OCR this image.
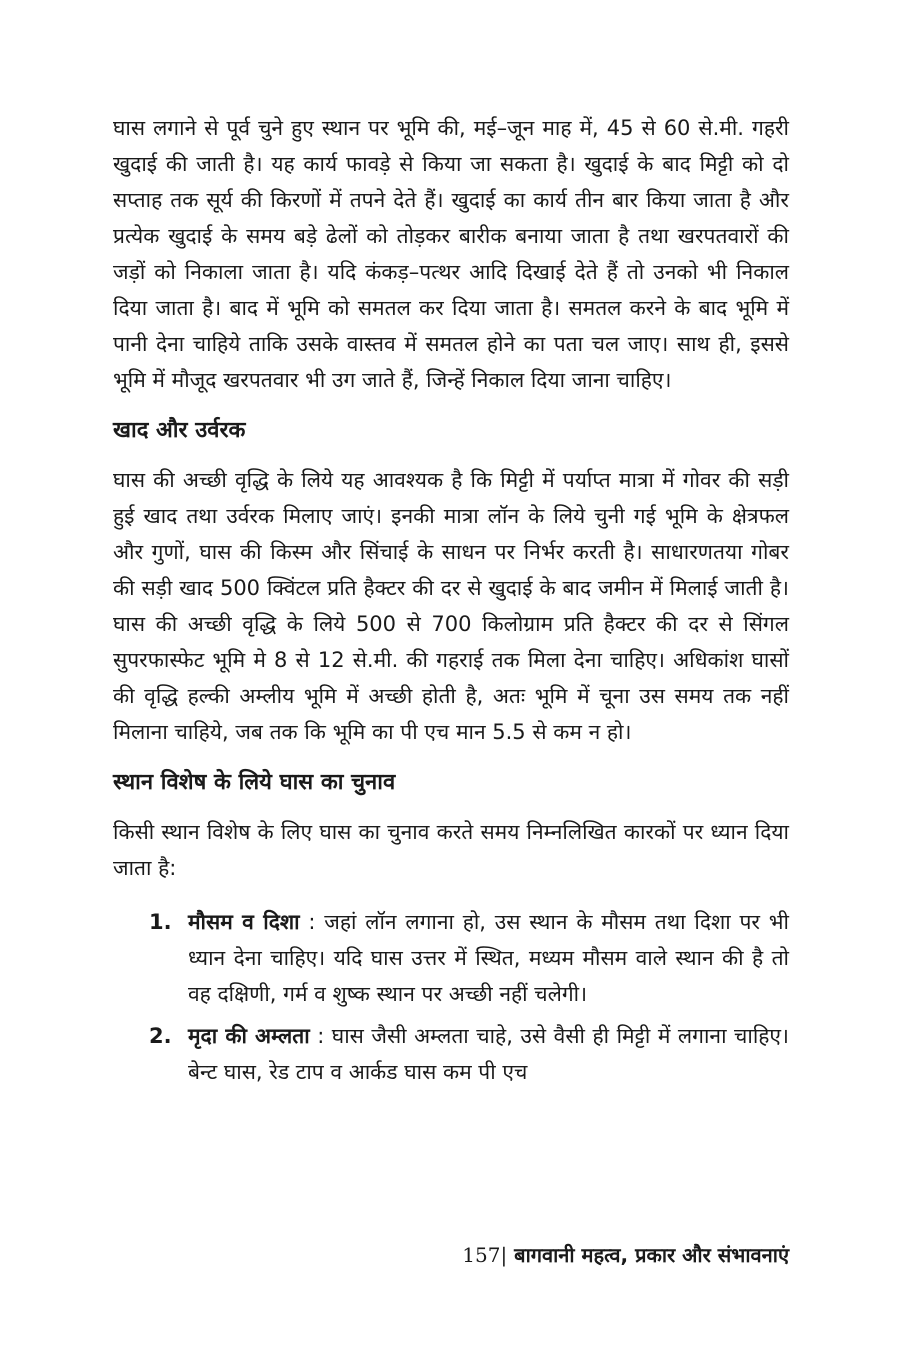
घास लगाने से पूर्व चुने हुए स्थान पर भूमि की, मई–जून माह में, 45 से 60 से.मी. गहरी खुदाई की जाती है। यह कार्य फावड़े से किया जा सकता है। खुदाई के बाद मिट्टी को दो सप्ताह तक सूर्य की किरणों में तपने देते हैं। खुदाई का कार्य तीन बार किया जाता है और प्रत्येक खुदाई के समय बड़े ढेलों को तोड़कर बारीक बनाया जाता है तथा खरपतवारों की जड़ों को निकाला जाता है। यदि कंकड़–पत्थर आदि दिखाई देते हैं तो उनको भी निकाल दिया जाता है। बाद में भूमि को समतल कर दिया जाता है। समतल करने के बाद भूमि में पानी देना चाहिये ताकि उसके वास्तव में समतल होने का पता चल जाए। साथ ही, इससे भूमि में मौजूद खरपतवार भी उग जाते हैं, जिन्हें निकाल दिया जाना चाहिए।

खाद और उर्वरक

घास की अच्छी वृद्धि के लिये यह आवश्यक है कि मिट्टी में पर्याप्त मात्रा में गोवर की सड़ी हुई खाद तथा उर्वरक मिलाए जाएं। इनकी मात्रा लॉन के लिये चुनी गई भूमि के क्षेत्रफल और गुणों, घास की किस्म और सिंचाई के साधन पर निर्भर करती है। साधारणतया गोबर की सड़ी खाद 500 क्विंटल प्रति हैक्टर की दर से खुदाई के बाद जमीन में मिलाई जाती है। घास की अच्छी वृद्धि के लिये 500 से 700 किलोग्राम प्रति हैक्टर की दर से सिंगल सुपरफास्फेट भूमि मे 8 से 12 से.मी. की गहराई तक मिला देना चाहिए। अधिकांश घासों की वृद्धि हल्की अम्लीय भूमि में अच्छी होती है, अतः भूमि में चूना उस समय तक नहीं मिलाना चाहिये, जब तक कि भूमि का पी एच मान 5.5 से कम न हो।

स्थान विशेष के लिये घास का चुनाव

किसी स्थान विशेष के लिए घास का चुनाव करते समय निम्नलिखित कारकों पर ध्यान दिया जाता है:

1. मौसम व दिशा : जहां लॉन लगाना हो, उस स्थान के मौसम तथा दिशा पर भी ध्यान देना चाहिए। यदि घास उत्तर में स्थित, मध्यम मौसम वाले स्थान की है तो वह दक्षिणी, गर्म व शुष्क स्थान पर अच्छी नहीं चलेगी।
2. मृदा की अम्लता : घास जैसी अम्लता चाहे, उसे वैसी ही मिट्टी में लगाना चाहिए। बेन्ट घास, रेड टाप व आर्कड घास कम पी एच
157| बागवानी महत्व, प्रकार और संभावनाएं
